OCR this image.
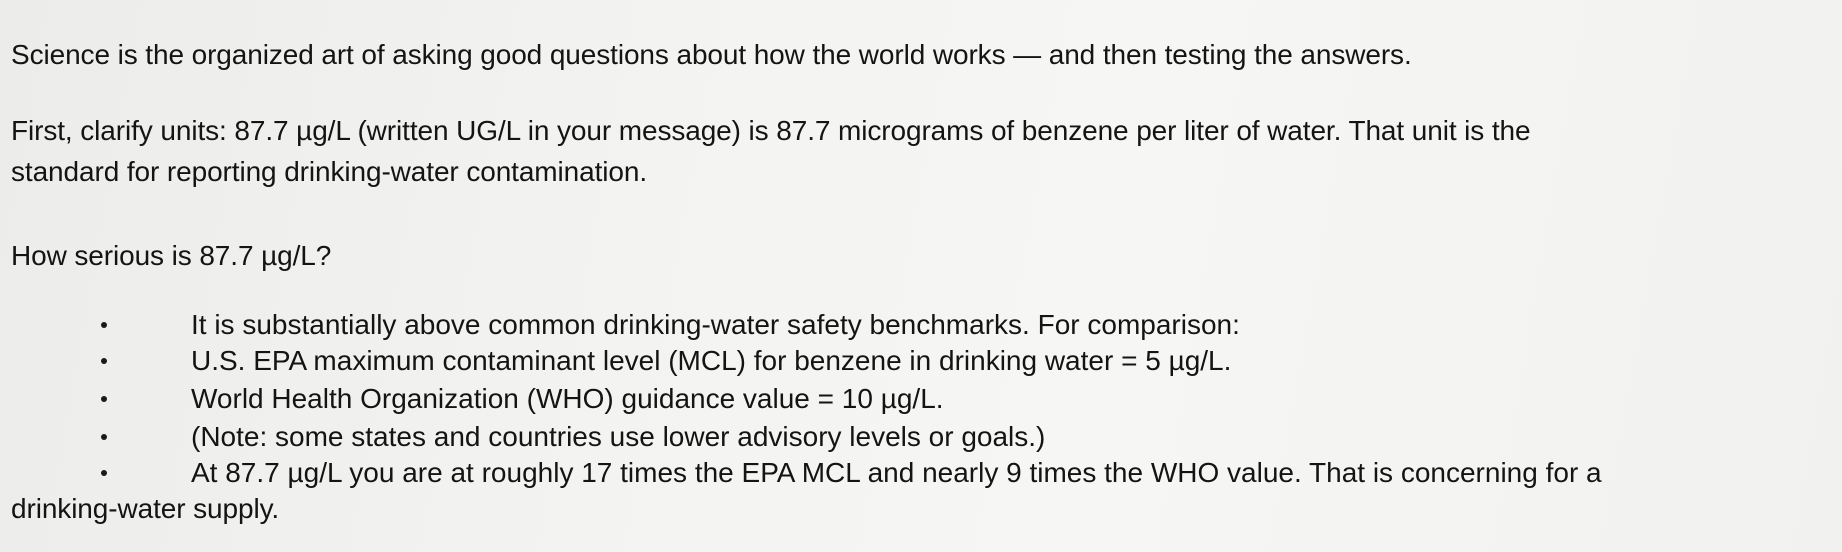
Science is the organized art of asking good questions about how the world works — and then testing the answers.
First, clarify units: 87.7 µg/L (written UG/L in your message) is 87.7 micrograms of benzene per liter of water. That unit is the
standard for reporting drinking-water contamination.
How serious is 87.7 µg/L?
It is substantially above common drinking-water safety benchmarks. For comparison:
U.S. EPA maximum contaminant level (MCL) for benzene in drinking water = 5 µg/L.
World Health Organization (WHO) guidance value = 10 µg/L.
(Note: some states and countries use lower advisory levels or goals.)
At 87.7 µg/L you are at roughly 17 times the EPA MCL and nearly 9 times the WHO value. That is concerning for a
drinking-water supply.
